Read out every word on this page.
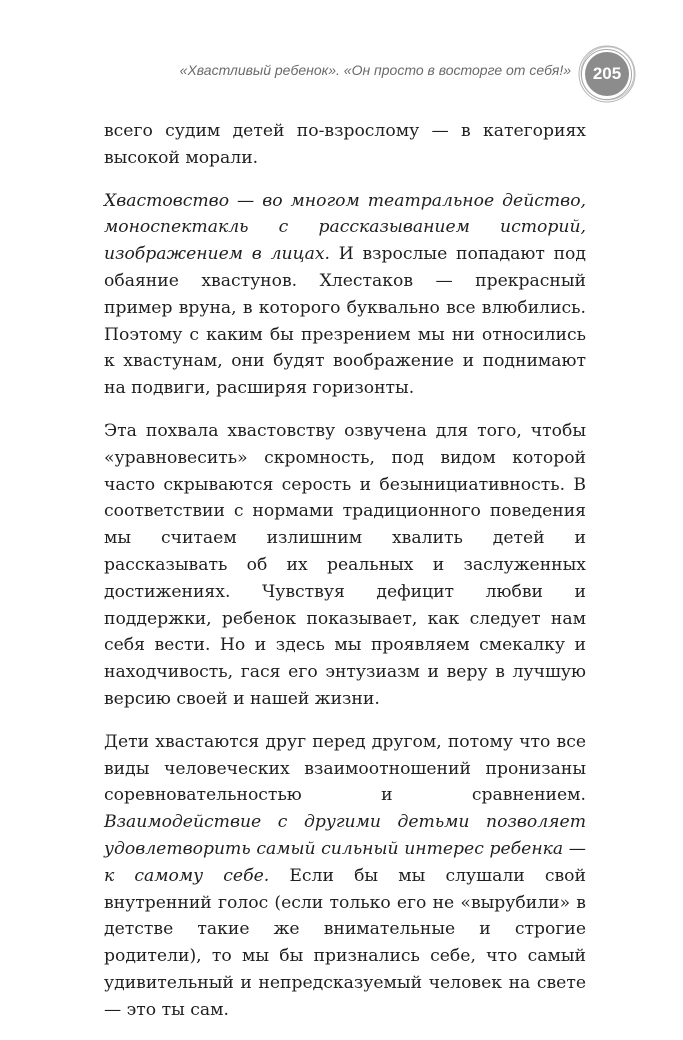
«Хвастливый ребенок». «Он просто в восторге от себя!»	205

всего судим детей по-взрослому — в категориях высокой морали.

Хвастовство — во многом театральное действо, моноспектакль с рассказыванием историй, изображением в лицах. И взрослые попадают под обаяние хвастунов. Хлестаков — прекрасный пример вруна, в которого буквально все влюбились. Поэтому с каким бы презрением мы ни относились к хвастунам, они будят воображение и поднимают на подвиги, расширяя горизонты.

Эта похвала хвастовству озвучена для того, чтобы «уравновесить» скромность, под видом которой часто скрываются серость и безынициативность. В соответствии с нормами традиционного поведения мы считаем излишним хвалить детей и рассказывать об их реальных и заслуженных достижениях. Чувствуя дефицит любви и поддержки, ребенок показывает, как следует нам себя вести. Но и здесь мы проявляем смекалку и находчивость, гася его энтузиазм и веру в лучшую версию своей и нашей жизни.

Дети хвастаются друг перед другом, потому что все виды человеческих взаимоотношений пронизаны соревновательностью и сравнением. Взаимодействие с другими детьми позволяет удовлетворить самый сильный интерес ребенка — к самому себе. Если бы мы слушали свой внутренний голос (если только его не «вырубили» в детстве такие же внимательные и строгие родители), то мы бы признались себе, что самый удивительный и непредсказуемый человек на свете — это ты сам.
